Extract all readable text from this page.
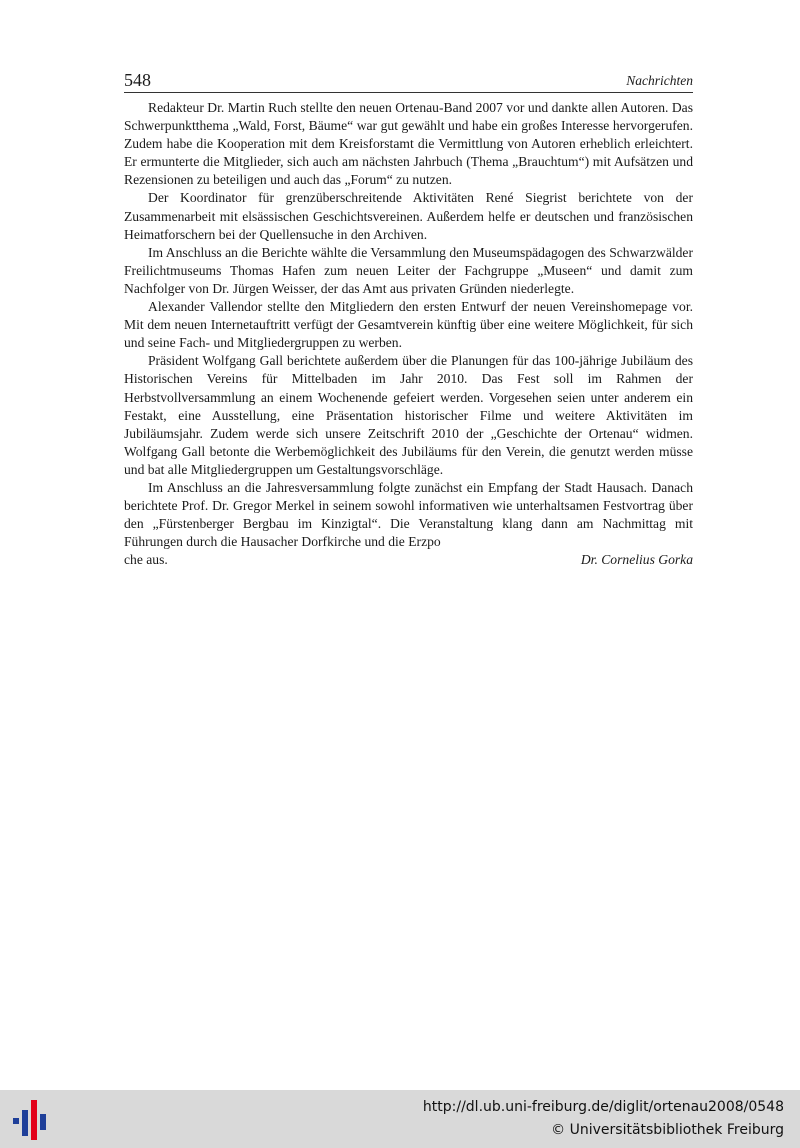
548	Nachrichten

Redakteur Dr. Martin Ruch stellte den neuen Ortenau-Band 2007 vor und dankte allen Autoren. Das Schwerpunktthema „Wald, Forst, Bäume“ war gut gewählt und habe ein großes Interesse hervorgerufen. Zudem habe die Kooperation mit dem Kreisforstamt die Vermittlung von Autoren erheblich erleichtert. Er ermunterte die Mitglieder, sich auch am nächsten Jahrbuch (Thema „Brauchtum“) mit Aufsätzen und Rezensionen zu beteiligen und auch das „Forum“ zu nutzen.

Der Koordinator für grenzüberschreitende Aktivitäten René Siegrist berichtete von der Zusammenarbeit mit elsässischen Geschichtsvereinen. Außerdem helfe er deutschen und französischen Heimatforschern bei der Quellensuche in den Archiven.

Im Anschluss an die Berichte wählte die Versammlung den Museumspädagogen des Schwarzwälder Freilichtmuseums Thomas Hafen zum neuen Leiter der Fachgruppe „Museen“ und damit zum Nachfolger von Dr. Jürgen Weisser, der das Amt aus privaten Gründen niederlegte.

Alexander Vallendor stellte den Mitgliedern den ersten Entwurf der neuen Vereinshomepage vor. Mit dem neuen Internetauftritt verfügt der Gesamtverein künftig über eine weitere Möglichkeit, für sich und seine Fach- und Mitgliedergruppen zu werben.

Präsident Wolfgang Gall berichtete außerdem über die Planungen für das 100-jährige Jubiläum des Historischen Vereins für Mittelbaden im Jahr 2010. Das Fest soll im Rahmen der Herbstvollversammlung an einem Wochenende gefeiert werden. Vorgesehen seien unter anderem ein Festakt, eine Ausstellung, eine Präsentation historischer Filme und weitere Aktivitäten im Jubiläumsjahr. Zudem werde sich unsere Zeitschrift 2010 der „Geschichte der Ortenau“ widmen. Wolfgang Gall betonte die Werbemöglichkeit des Jubiläums für den Verein, die genutzt werden müsse und bat alle Mitgliedergruppen um Gestaltungsvorschläge.

Im Anschluss an die Jahresversammlung folgte zunächst ein Empfang der Stadt Hausach. Danach berichtete Prof. Dr. Gregor Merkel in seinem sowohl informativen wie unterhaltsamen Festvortrag über den „Fürstenberger Bergbau im Kinzigtal“. Die Veranstaltung klang dann am Nachmittag mit Führungen durch die Hausacher Dorfkirche und die Erzpo

che aus.	Dr. Cornelius Gorka
http://dl.ub.uni-freiburg.de/diglit/ortenau2008/0548
© Universitätsbibliothek Freiburg
